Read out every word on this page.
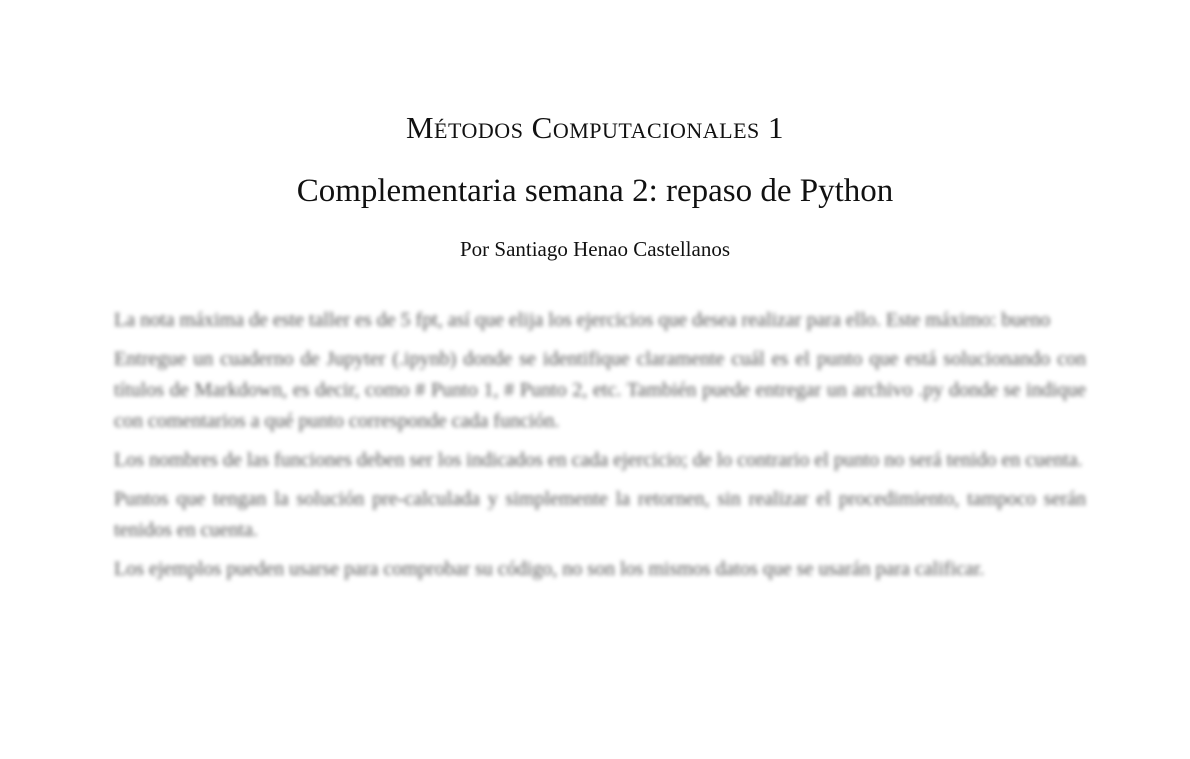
Métodos Computacionales 1
Complementaria semana 2: repaso de Python
Por Santiago Henao Castellanos

La nota máxima de este taller es de 5 fpt, así que elija los ejercicios que desea realizar para ello. Este máximo: bueno

Entregue un cuaderno de Jupyter (.ipynb) donde se identifique claramente cuál es el punto que está solucionando con títulos de Markdown, es decir, como # Punto 1, # Punto 2, etc. También puede entregar un archivo .py donde se indique con comentarios a qué punto corresponde cada función.

Los nombres de las funciones deben ser los indicados en cada ejercicio; de lo contrario el punto no será tenido en cuenta.

Puntos que tengan la solución pre-calculada y simplemente la retornen, sin realizar el procedimiento, tampoco serán tenidos en cuenta.

Los ejemplos pueden usarse para comprobar su código, no son los mismos datos que se usarán para calificar.
